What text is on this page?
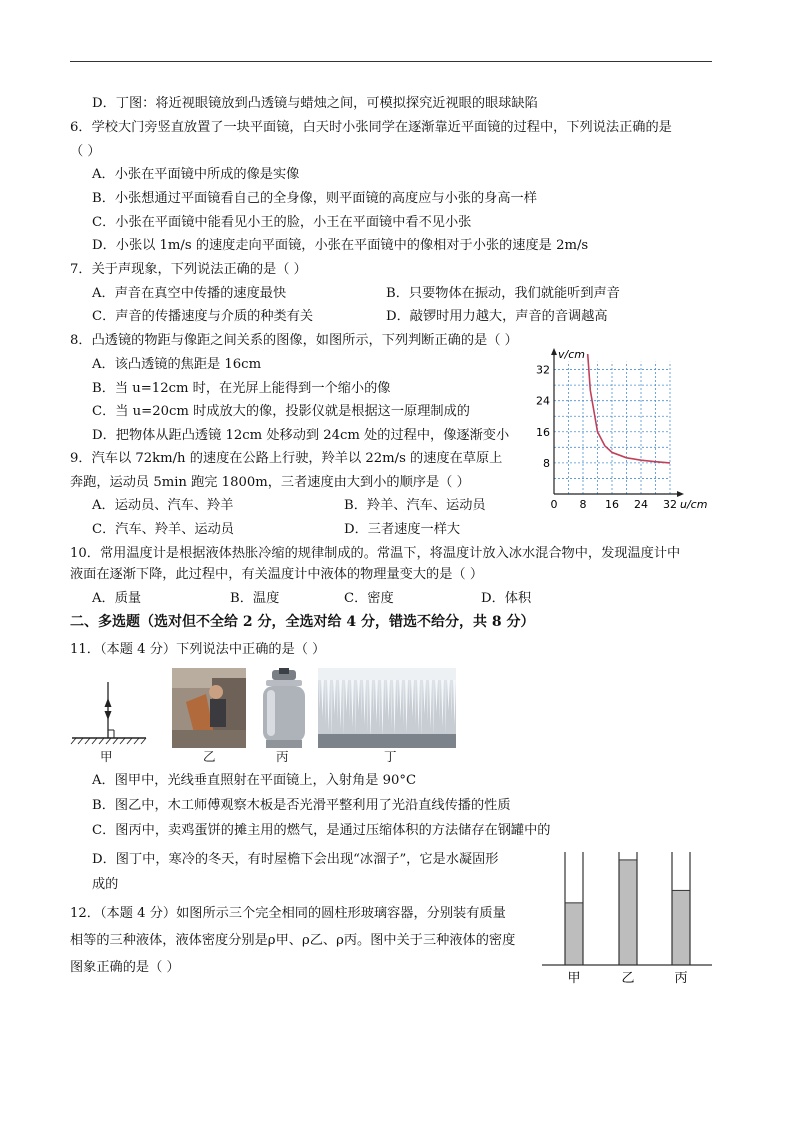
D．丁图：将近视眼镜放到凸透镜与蜡烛之间，可模拟探究近视眼的眼球缺陷
6．学校大门旁竖直放置了一块平面镜，白天时小张同学在逐渐靠近平面镜的过程中，下列说法正确的是
（ ）
A．小张在平面镜中所成的像是实像
B．小张想通过平面镜看自己的全身像，则平面镜的高度应与小张的身高一样
C．小张在平面镜中能看见小王的脸，小王在平面镜中看不见小张
D．小张以 1m/s 的速度走向平面镜，小张在平面镜中的像相对于小张的速度是 2m/s
7．关于声现象，下列说法正确的是（ ）
A．声音在真空中传播的速度最快	B．只要物体在振动，我们就能听到声音
C．声音的传播速度与介质的种类有关	D．敲锣时用力越大，声音的音调越高
8．凸透镜的物距与像距之间关系的图像，如图所示，下列判断正确的是（ ）
A．该凸透镜的焦距是 16cm
B．当 u=12cm 时，在光屏上能得到一个缩小的像
C．当 u=20cm 时成放大的像，投影仪就是根据这一原理制成的
D．把物体从距凸透镜 12cm 处移动到 24cm 处的过程中，像逐渐变小
9．汽车以 72km/h 的速度在公路上行驶，羚羊以 22m/s 的速度在草原上
奔跑，运动员 5min 跑完 1800m，三者速度由大到小的顺序是（ ）
A．运动员、汽车、羚羊	B．羚羊、汽车、运动员
C．汽车、羚羊、运动员	D．三者速度一样大
0 8 16 24 32
8
16
24
32
u/cm
v/cm
10．常用温度计是根据液体热胀冷缩的规律制成的。常温下，将温度计放入冰水混合物中，发现温度计中
液面在逐渐下降，此过程中，有关温度计中液体的物理量变大的是（ ）
A．质量	B．温度	C．密度	D．体积
二、多选题（选对但不全给 2 分，全选对给 4 分，错选不给分，共 8 分）
11．（本题 4 分）下列说法中正确的是（ ）
甲	乙	丙	丁
A．图甲中，光线垂直照射在平面镜上，入射角是 90°C
B．图乙中，木工师傅观察木板是否光滑平整利用了光沿直线传播的性质
C．图丙中，卖鸡蛋饼的摊主用的燃气，是通过压缩体积的方法储存在钢罐中的
D．图丁中，寒冷的冬天，有时屋檐下会出现“冰溜子”，它是水凝固形
成的
12．（本题 4 分）如图所示三个完全相同的圆柱形玻璃容器，分别装有质量
相等的三种液体，液体密度分别是ρ甲、ρ乙、ρ丙。图中关于三种液体的密度
图象正确的是（ ）
甲	乙	丙
